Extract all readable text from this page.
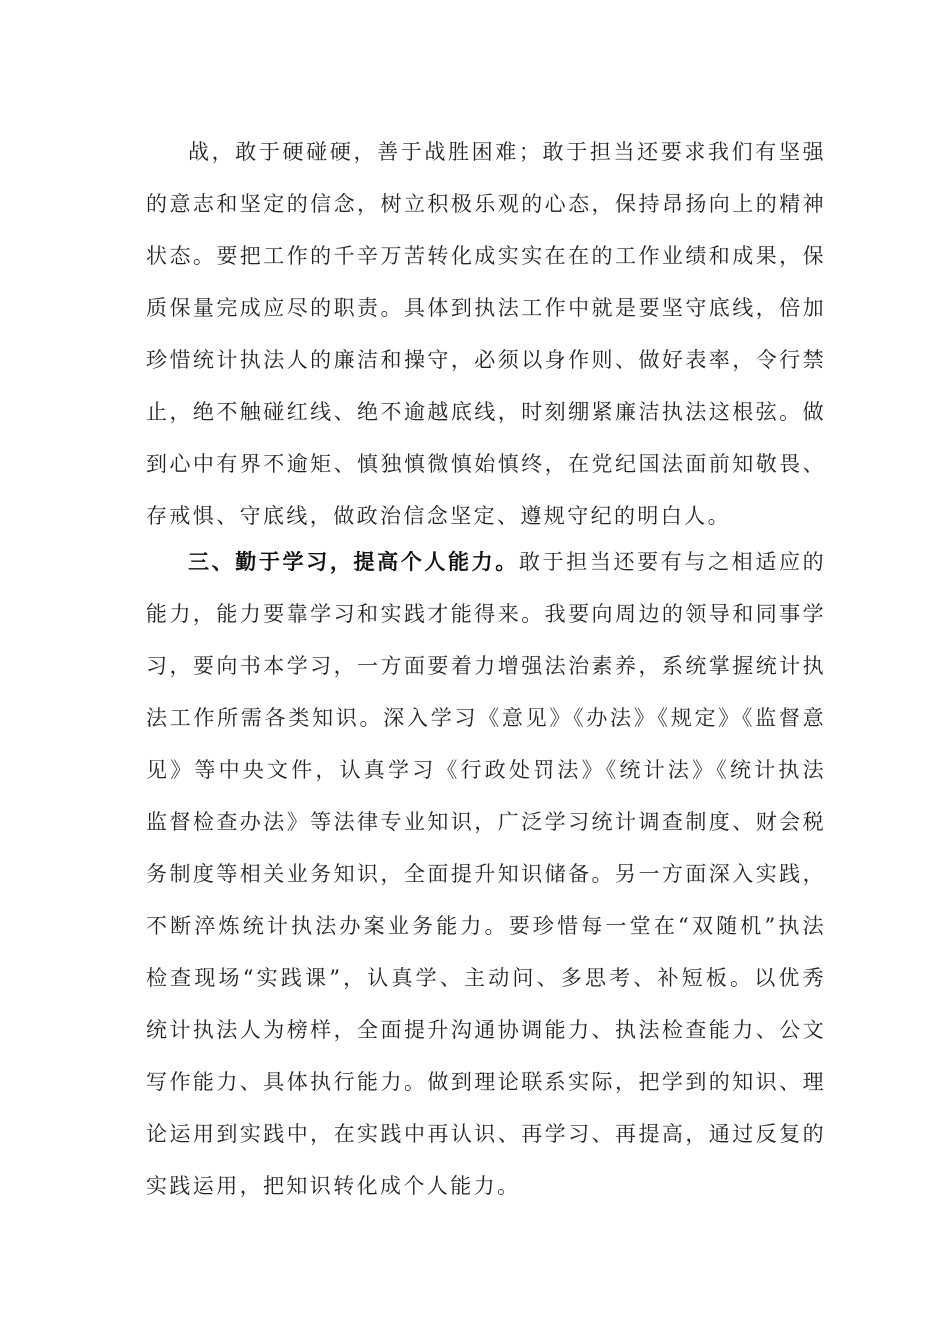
战，敢于硬碰硬，善于战胜困难；敢于担当还要求我们有坚强的意志和坚定的信念，树立积极乐观的心态，保持昂扬向上的精神状态。要把工作的千辛万苦转化成实实在在的工作业绩和成果，保质保量完成应尽的职责。具体到执法工作中就是要坚守底线，倍加珍惜统计执法人的廉洁和操守，必须以身作则、做好表率，令行禁止，绝不触碰红线、绝不逾越底线，时刻绷紧廉洁执法这根弦。做到心中有界不逾矩、慎独慎微慎始慎终，在党纪国法面前知敬畏、存戒惧、守底线，做政治信念坚定、遵规守纪的明白人。

三、勤于学习，提高个人能力。敢于担当还要有与之相适应的能力，能力要靠学习和实践才能得来。我要向周边的领导和同事学习，要向书本学习，一方面要着力增强法治素养，系统掌握统计执法工作所需各类知识。深入学习《意见》《办法》《规定》《监督意见》等中央文件，认真学习《行政处罚法》《统计法》《统计执法监督检查办法》等法律专业知识，广泛学习统计调查制度、财会税务制度等相关业务知识，全面提升知识储备。另一方面深入实践，不断淬炼统计执法办案业务能力。要珍惜每一堂在“双随机”执法检查现场“实践课”，认真学、主动问、多思考、补短板。以优秀统计执法人为榜样，全面提升沟通协调能力、执法检查能力、公文写作能力、具体执行能力。做到理论联系实际，把学到的知识、理论运用到实践中，在实践中再认识、再学习、再提高，通过反复的实践运用，把知识转化成个人能力。
